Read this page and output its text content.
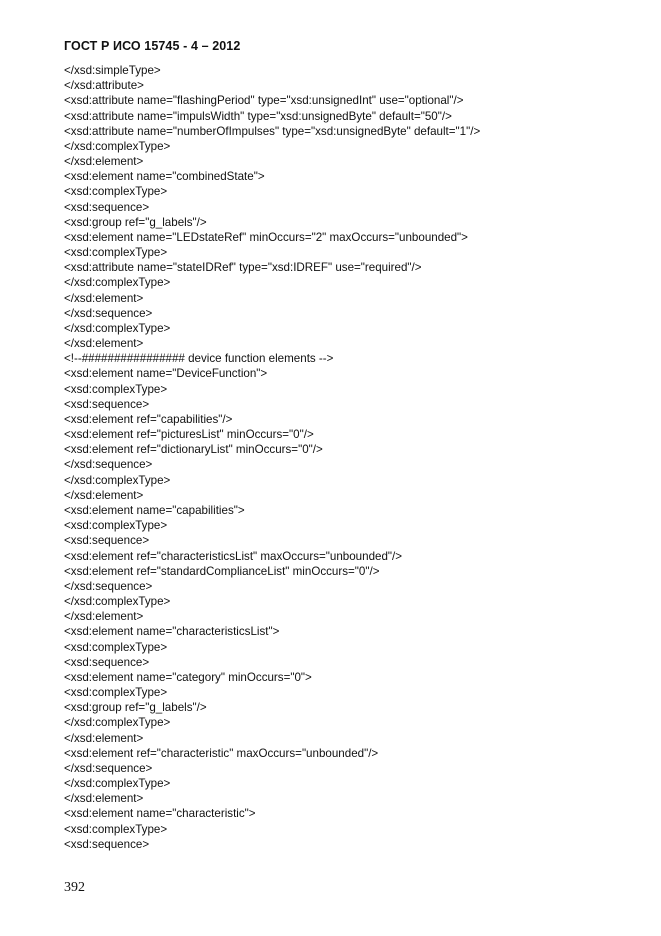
ГОСТ Р ИСО 15745 - 4 – 2012
</xsd:simpleType>
</xsd:attribute>
<xsd:attribute name="flashingPeriod" type="xsd:unsignedInt" use="optional"/>
<xsd:attribute name="impulsWidth" type="xsd:unsignedByte" default="50"/>
<xsd:attribute name="numberOfImpulses" type="xsd:unsignedByte" default="1"/>
</xsd:complexType>
</xsd:element>
<xsd:element name="combinedState">
<xsd:complexType>
<xsd:sequence>
<xsd:group ref="g_labels"/>
<xsd:element name="LEDstateRef" minOccurs="2" maxOccurs="unbounded">
<xsd:complexType>
<xsd:attribute name="stateIDRef" type="xsd:IDREF" use="required"/>
</xsd:complexType>
</xsd:element>
</xsd:sequence>
</xsd:complexType>
</xsd:element>
<!--################ device function elements -->
<xsd:element name="DeviceFunction">
<xsd:complexType>
<xsd:sequence>
<xsd:element ref="capabilities"/>
<xsd:element ref="picturesList" minOccurs="0"/>
<xsd:element ref="dictionaryList" minOccurs="0"/>
</xsd:sequence>
</xsd:complexType>
</xsd:element>
<xsd:element name="capabilities">
<xsd:complexType>
<xsd:sequence>
<xsd:element ref="characteristicsList" maxOccurs="unbounded"/>
<xsd:element ref="standardComplianceList" minOccurs="0"/>
</xsd:sequence>
</xsd:complexType>
</xsd:element>
<xsd:element name="characteristicsList">
<xsd:complexType>
<xsd:sequence>
<xsd:element name="category" minOccurs="0">
<xsd:complexType>
<xsd:group ref="g_labels"/>
</xsd:complexType>
</xsd:element>
<xsd:element ref="characteristic" maxOccurs="unbounded"/>
</xsd:sequence>
</xsd:complexType>
</xsd:element>
<xsd:element name="characteristic">
<xsd:complexType>
<xsd:sequence>
392
